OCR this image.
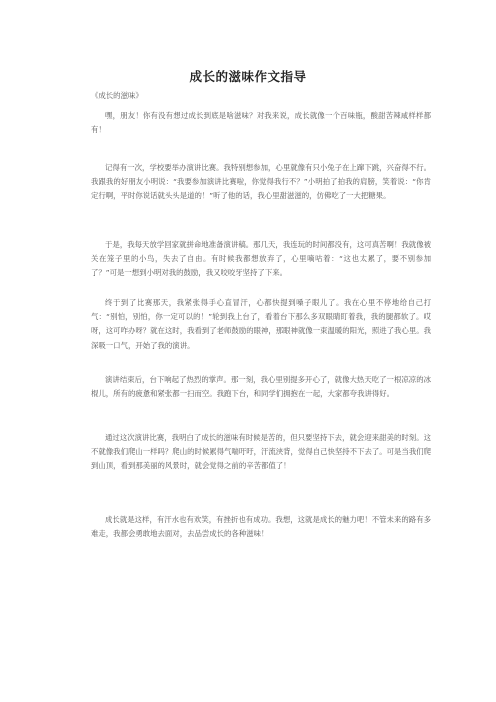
成长的滋味作文指导
《成长的滋味》

嘿，朋友！你有没有想过成长到底是啥滋味？对我来说，成长就像一个百味瓶，酸甜苦辣咸样样都有！

记得有一次，学校要举办演讲比赛。我特别想参加，心里就像有只小兔子在上蹿下跳，兴奋得不行。我跟我的好朋友小明说：“我要参加演讲比赛啦，你觉得我行不？”小明拍了拍我的肩膀，笑着说：“你肯定行啊，平时你说话就头头是道的！”听了他的话，我心里甜滋滋的，仿佛吃了一大把糖果。

于是，我每天放学回家就拼命地准备演讲稿。那几天，我连玩的时间都没有，这可真苦啊！我就像被关在笼子里的小鸟，失去了自由。有时候我都想放弃了，心里嘀咕着：“这也太累了，要不别参加了？”可是一想到小明对我的鼓励，我又咬咬牙坚持了下来。

终于到了比赛那天，我紧张得手心直冒汗，心都快提到嗓子眼儿了。我在心里不停地给自己打气：“别怕，别怕，你一定可以的！”轮到我上台了，看着台下那么多双眼睛盯着我，我的腿都软了。哎呀，这可咋办呀？就在这时，我看到了老师鼓励的眼神，那眼神就像一束温暖的阳光，照进了我心里。我深吸一口气，开始了我的演讲。

演讲结束后，台下响起了热烈的掌声。那一刻，我心里别提多开心了，就像大热天吃了一根凉凉的冰棍儿，所有的疲惫和紧张都一扫而空。我跑下台，和同学们拥抱在一起，大家都夸我讲得好。

通过这次演讲比赛，我明白了成长的滋味有时候是苦的，但只要坚持下去，就会迎来甜美的时刻。这不就像我们爬山一样吗？爬山的时候累得气喘吁吁，汗流浃背，觉得自己快坚持不下去了。可是当我们爬到山顶，看到那美丽的风景时，就会觉得之前的辛苦都值了！

成长就是这样，有汗水也有欢笑，有挫折也有成功。我想，这就是成长的魅力吧！不管未来的路有多难走，我都会勇敢地去面对，去品尝成长的各种滋味！
